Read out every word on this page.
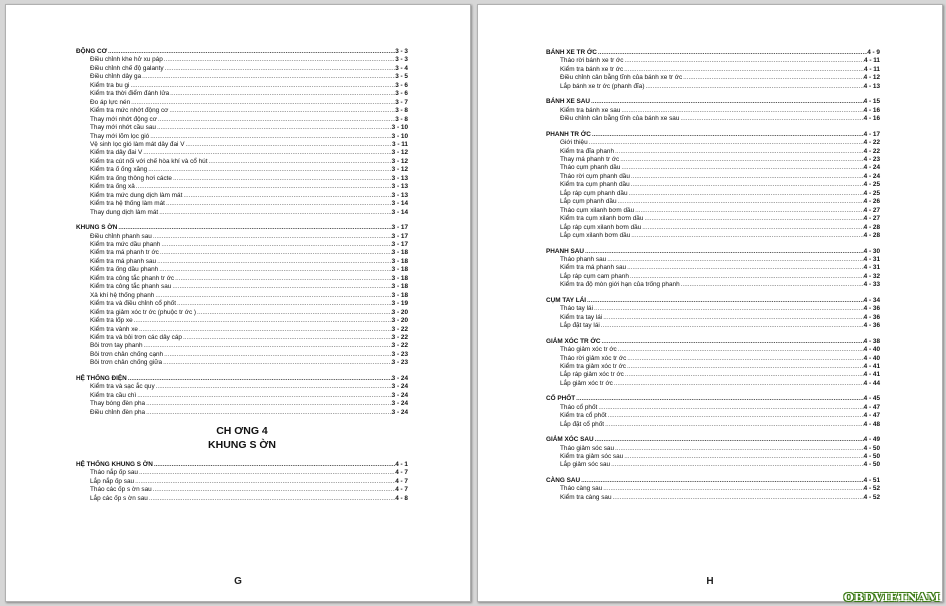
ĐỘNG CƠ .....	3 - 3
Điều chỉnh khe hở xu páp .....	3 - 3
Điều chỉnh chế độ galanty .....	3 - 4
Điều chỉnh dây ga .....	3 - 5
Kiểm tra bu gi .....	3 - 6
Kiểm tra thời điểm đánh lửa .....	3 - 6
Đo áp lực nén .....	3 - 7
Kiểm tra mức nhớt động cơ .....	3 - 8
Thay mới nhớt động cơ .....	3 - 8
Thay mới nhớt cầu sau .....	3 - 10
Thay mới lõm lọc gió .....	3 - 10
Vệ sinh lọc gió làm mát dây đai V .....	3 - 11
Kiểm tra dây đai V .....	3 - 12
Kiểm tra cút nối với chế hòa khí và cổ hút .....	3 - 12
Kiểm tra ố ống xăng .....	3 - 12
Kiểm tra ống thông hơi cácte .....	3 - 13
Kiểm tra ống xả .....	3 - 13
Kiểm tra mức dung dịch làm mát .....	3 - 13
Kiểm tra hệ thống làm mát .....	3 - 14
Thay dung dịch làm mát .....	3 - 14
KHUNG S ỜN .....	3 - 17
Điều chỉnh phanh sau .....	3 - 17
Kiểm tra mức dầu phanh .....	3 - 17
Kiểm tra má phanh tr ớc .....	3 - 18
Kiểm tra má phanh sau .....	3 - 18
Kiểm tra ống dầu phanh .....	3 - 18
Kiểm tra công tắc phanh tr ớc .....	3 - 18
Kiểm tra công tắc phanh sau .....	3 - 18
Xả khí hệ thống phanh .....	3 - 18
Kiểm tra và điều chỉnh cổ phốt .....	3 - 19
Kiểm tra giảm xóc tr ớc (phuộc tr ớc ) .....	3 - 20
Kiểm tra lốp xe .....	3 - 20
Kiểm tra vành xe .....	3 - 22
Kiểm tra và bôi trơn các dây cáp .....	3 - 22
Bôi trơn tay phanh .....	3 - 22
Bôi trơn chân chống cạnh .....	3 - 23
Bôi trơn chân chống giữa .....	3 - 23
HỆ THỐNG ĐIỆN .....	3 - 24
Kiểm tra và sạc ắc quy .....	3 - 24
Kiểm tra cầu chì .....	3 - 24
Thay bóng đèn pha .....	3 - 24
Điều chỉnh đèn pha .....	3 - 24
CH ƠNG 4
KHUNG S ỜN
HỆ THỐNG KHUNG S ỜN .....	4 - 1
Tháo nắp ốp sau .....	4 - 7
Lắp nắp ốp sau .....	4 - 7
Tháo các ốp s ờn sau .....	4 - 7
Lắp các ốp s ờn sau .....	4 - 8
G
BÁNH XE TR ỚC .....	4 - 9
Tháo rời bánh xe tr ớc .....	4 - 11
Kiểm tra bánh xe tr ớc .....	4 - 11
Điều chỉnh cân bằng tĩnh của bánh xe tr ớc .....	4 - 12
Lắp bánh xe tr ớc (phanh đĩa) .....	4 - 13
BÁNH XE SAU .....	4 - 15
Kiểm tra bánh xe sau .....	4 - 16
Điều chỉnh cân bằng tĩnh của bánh xe sau .....	4 - 16
PHANH TR ỚC .....	4 - 17
Giới thiệu .....	4 - 22
Kiểm tra đĩa phanh .....	4 - 22
Thay má phanh tr ớc .....	4 - 23
Tháo cụm phanh dầu .....	4 - 24
Tháo rời cụm phanh dầu .....	4 - 24
Kiểm tra cụm phanh dầu .....	4 - 25
Lắp ráp cụm phanh dầu .....	4 - 25
Lắp cụm phanh dầu .....	4 - 26
Tháo cụm xilanh bơm dầu .....	4 - 27
Kiểm tra cụm xilanh bơm dầu .....	4 - 27
Lắp ráp cụm xilanh bơm dầu .....	4 - 28
Lắp cụm xilanh bơm dầu .....	4 - 28
PHANH SAU .....	4 - 30
Tháo phanh sau .....	4 - 31
Kiểm tra má phanh sau .....	4 - 31
Lắp ráp cụm cam phanh .....	4 - 32
Kiểm tra độ mòn giới hạn của trống phanh .....	4 - 33
CỤM TAY LÁI .....	4 - 34
Tháo tay lái .....	4 - 36
Kiểm tra tay lái .....	4 - 36
Lắp đặt tay lái .....	4 - 36
GIẢM XÓC TR ỚC .....	4 - 38
Tháo giảm xóc tr ớc .....	4 - 40
Tháo rời giảm xóc tr ớc .....	4 - 40
Kiểm tra giảm xóc tr ớc .....	4 - 41
Lắp ráp giảm xóc tr ớc .....	4 - 41
Lắp giảm xóc tr ớc .....	4 - 44
CỔ PHỐT .....	4 - 45
Tháo cổ phốt .....	4 - 47
Kiểm tra cổ phốt .....	4 - 47
Lắp đặt cổ phốt .....	4 - 48
GIẢM XÓC SAU .....	4 - 49
Tháo giảm sóc sau .....	4 - 50
Kiểm tra giảm sóc sau .....	4 - 50
Lắp giảm sóc sau .....	4 - 50
CÀNG SAU .....	4 - 51
Tháo càng sau .....	4 - 52
Kiểm tra càng sau .....	4 - 52
H
OBDVIETNAM
